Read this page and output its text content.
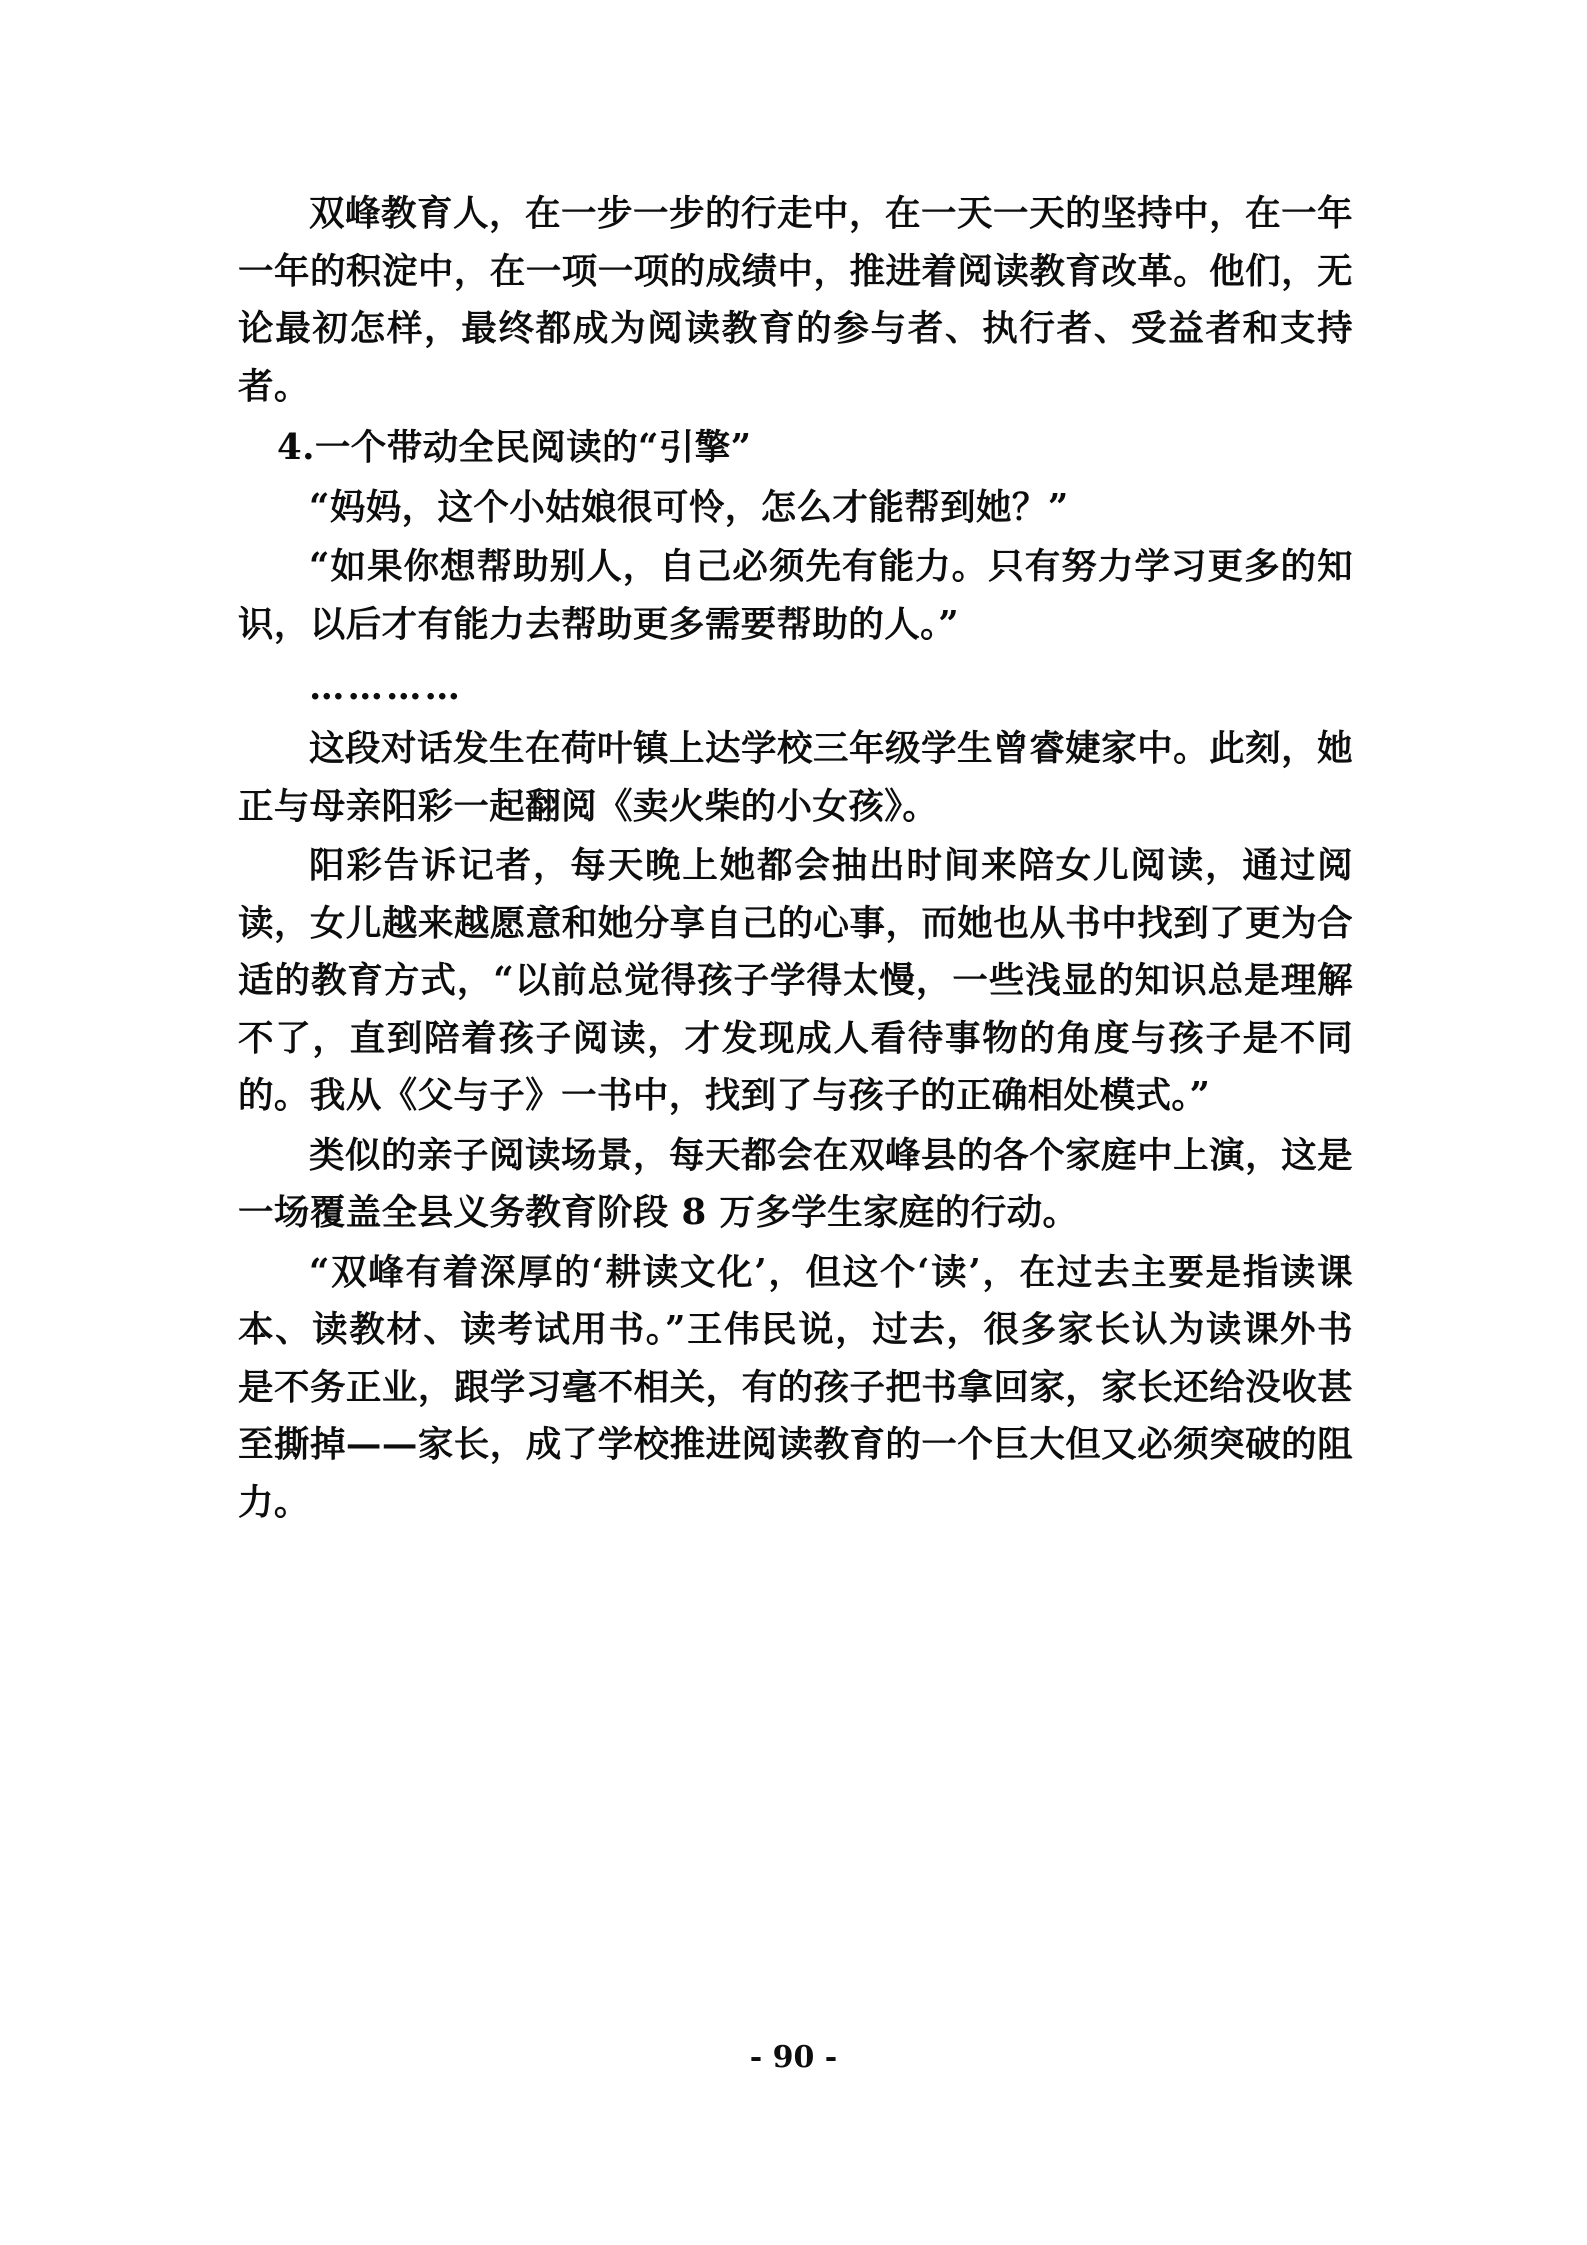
双峰教育人，在一步一步的行走中，在一天一天的坚持中，在一年一年的积淀中，在一项一项的成绩中，推进着阅读教育改革。他们，无论最初怎样，最终都成为阅读教育的参与者、执行者、受益者和支持者。

4.一个带动全民阅读的“引擎”

“妈妈，这个小姑娘很可怜，怎么才能帮到她？”

“如果你想帮助别人，自己必须先有能力。只有努力学习更多的知识，以后才有能力去帮助更多需要帮助的人。”

…………

这段对话发生在荷叶镇上达学校三年级学生曾睿婕家中。此刻，她正与母亲阳彩一起翻阅《卖火柴的小女孩》。

阳彩告诉记者，每天晚上她都会抽出时间来陪女儿阅读，通过阅读，女儿越来越愿意和她分享自己的心事，而她也从书中找到了更为合适的教育方式，“以前总觉得孩子学得太慢，一些浅显的知识总是理解不了，直到陪着孩子阅读，才发现成人看待事物的角度与孩子是不同的。我从《父与子》一书中，找到了与孩子的正确相处模式。”

类似的亲子阅读场景，每天都会在双峰县的各个家庭中上演，这是一场覆盖全县义务教育阶段 8 万多学生家庭的行动。

“双峰有着深厚的‘耕读文化’，但这个‘读’，在过去主要是指读课本、读教材、读考试用书。”王伟民说，过去，很多家长认为读课外书是不务正业，跟学习毫不相关，有的孩子把书拿回家，家长还给没收甚至撕掉——家长，成了学校推进阅读教育的一个巨大但又必须突破的阻力。

- 90 -
